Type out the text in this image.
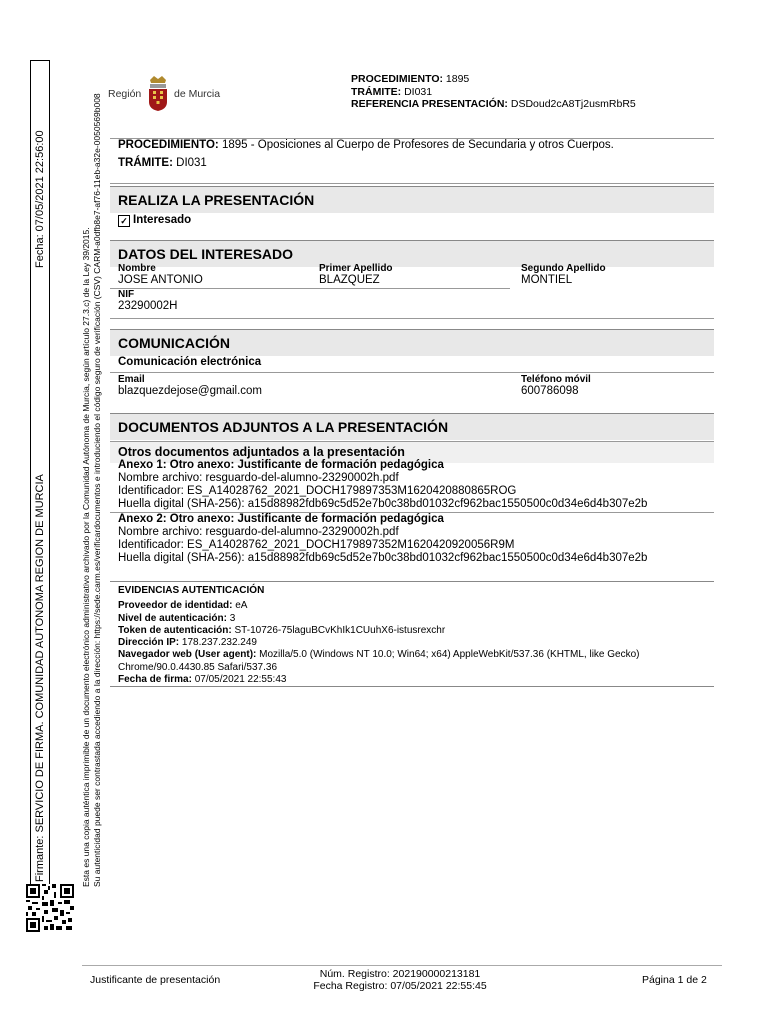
Firmante: SERVICIO DE FIRMA. COMUNIDAD AUTONOMA REGION DE MURCIA
Fecha: 07/05/2021 22:56:00
Esta es una copia auténtica imprimible de un documento electrónico administrativo archivado por la Comunidad Autónoma de Murcia, según artículo 27.3.c) de la Ley 39/2015. Su autenticidad puede ser contrastada accediendo a la dirección: https://sede.carm.es/verificardocumentos e introduciendo el código seguro de verificación (CSV) CARM-a0dfb8e7-af76-11eb-a32e-0050569b008 Región	de Murcia
PROCEDIMIENTO: 1895
TRÁMITE: DI031
REFERENCIA PRESENTACIÓN: DSDoud2cA8Tj2usmRbR5
PROCEDIMIENTO: 1895 - Oposiciones al Cuerpo de Profesores de Secundaria y otros Cuerpos.
TRÁMITE: DI031
REALIZA LA PRESENTACIÓN
✓ Interesado
DATOS DEL INTERESADO
Nombre
JOSE ANTONIO
Primer Apellido
BLAZQUEZ
Segundo Apellido
MONTIEL
NIF
23290002H
COMUNICACIÓN
Comunicación electrónica
Email
blazquezdejose@gmail.com
Teléfono móvil
600786098
DOCUMENTOS ADJUNTOS A LA PRESENTACIÓN
Otros documentos adjuntados a la presentación
Anexo 1: Otro anexo: Justificante de formación pedagógica
Nombre archivo: resguardo-del-alumno-23290002h.pdf
Identificador: ES_A14028762_2021_DOCH179897353M1620420880865ROG
Huella digital (SHA-256): a15d88982fdb69c5d52e7b0c38bd01032cf962bac1550500c0d34e6d4b307e2b
Anexo 2: Otro anexo: Justificante de formación pedagógica
Nombre archivo: resguardo-del-alumno-23290002h.pdf
Identificador: ES_A14028762_2021_DOCH179897352M1620420920056R9M
Huella digital (SHA-256): a15d88982fdb69c5d52e7b0c38bd01032cf962bac1550500c0d34e6d4b307e2b
EVIDENCIAS AUTENTICACIÓN
Proveedor de identidad: eA
Nivel de autenticación: 3
Token de autenticación: ST-10726-75laguBCvKhIk1CUuhX6-istusrexchr
Dirección IP: 178.237.232.249
Navegador web (User agent): Mozilla/5.0 (Windows NT 10.0; Win64; x64) AppleWebKit/537.36 (KHTML, like Gecko)
Chrome/90.0.4430.85 Safari/537.36
Fecha de firma: 07/05/2021 22:55:43
Justificante de presentación	Núm. Registro: 202190000213181
Fecha Registro: 07/05/2021 22:55:45	Página 1 de 2
